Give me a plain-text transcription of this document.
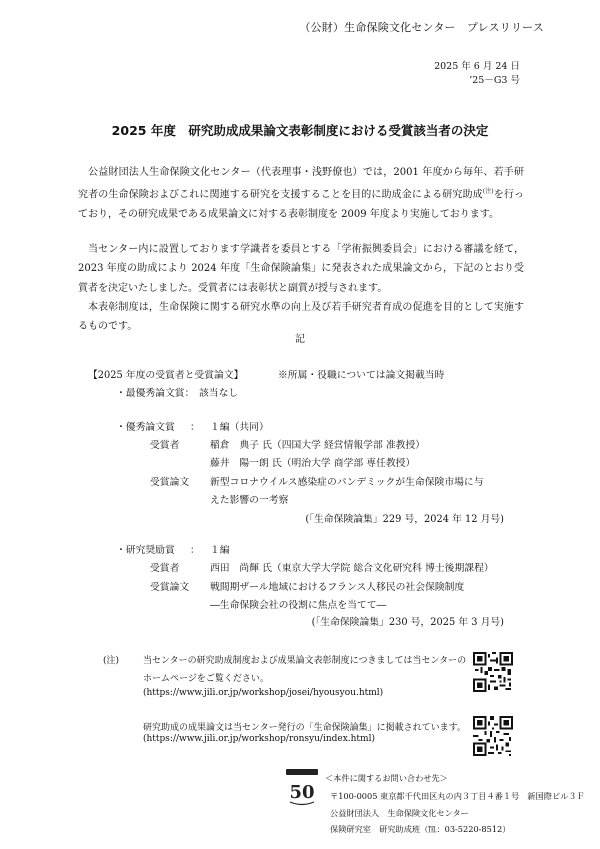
（公財）生命保険文化センター　プレスリリース
2025 年 6 月 24 日
’25－G3 号
2025 年度　研究助成成果論文表彰制度における受賞該当者の決定
公益財団法人生命保険文化センター（代表理事・浅野僚也）では，2001 年度から毎年、若手研究者の生命保険およびこれに関連する研究を支援することを目的に助成金による研究助成$^{(注)}$を行っており，その研究成果である成果論文に対する表彰制度を 2009 年度より実施しております。
当センター内に設置しております学識者を委員とする「学術振興委員会」における審議を経て，2023 年度の助成により 2024 年度「生命保険論集」に発表された成果論文から，下記のとおり受賞者を決定いたしました。受賞者には表彰状と副賞が授与されます。
本表彰制度は，生命保険に関する研究水準の向上及び若手研究者育成の促進を目的として実施するものです。
記
【2025 年度の受賞者と受賞論文】	※所属・役職については論文掲載当時
・最優秀論文賞： 該当なし
・優秀論文賞 ： １編（共同）
受賞者	稲倉　典子 氏（四国大学 経営情報学部 准教授）
藤井　陽一朗 氏（明治大学 商学部 専任教授）
受賞論文 新型コロナウイルス感染症のパンデミックが生命保険市場に与
えた影響の一考察
(「生命保険論集」229 号，2024 年 12 月号)
・研究奨励賞 ： １編
受賞者	西田　尚輝 氏（東京大学大学院 総合文化研究科 博士後期課程）
受賞論文 戦間期ザール地域におけるフランス人移民の社会保険制度
―生命保険会社の役割に焦点を当てて―
(「生命保険論集」230 号，2025 年 3 月号)
(注)	当センターの研究助成制度および成果論文表彰制度につきましては当センターの
ホームページをご覧ください。
(https://www.jili.or.jp/workshop/josei/hyousyou.html)
研究助成の成果論文は当センター発行の「生命保険論集」に掲載されています。
(https://www.jili.or.jp/workshop/ronsyu/index.html)
50
＜本件に関するお問い合わせ先＞
〒100-0005 東京都千代田区丸の内３丁目４番１号　新国際ビル３Ｆ
公益財団法人　生命保険文化センター
保険研究室　研究助成班（℡：03-5220-8512）
